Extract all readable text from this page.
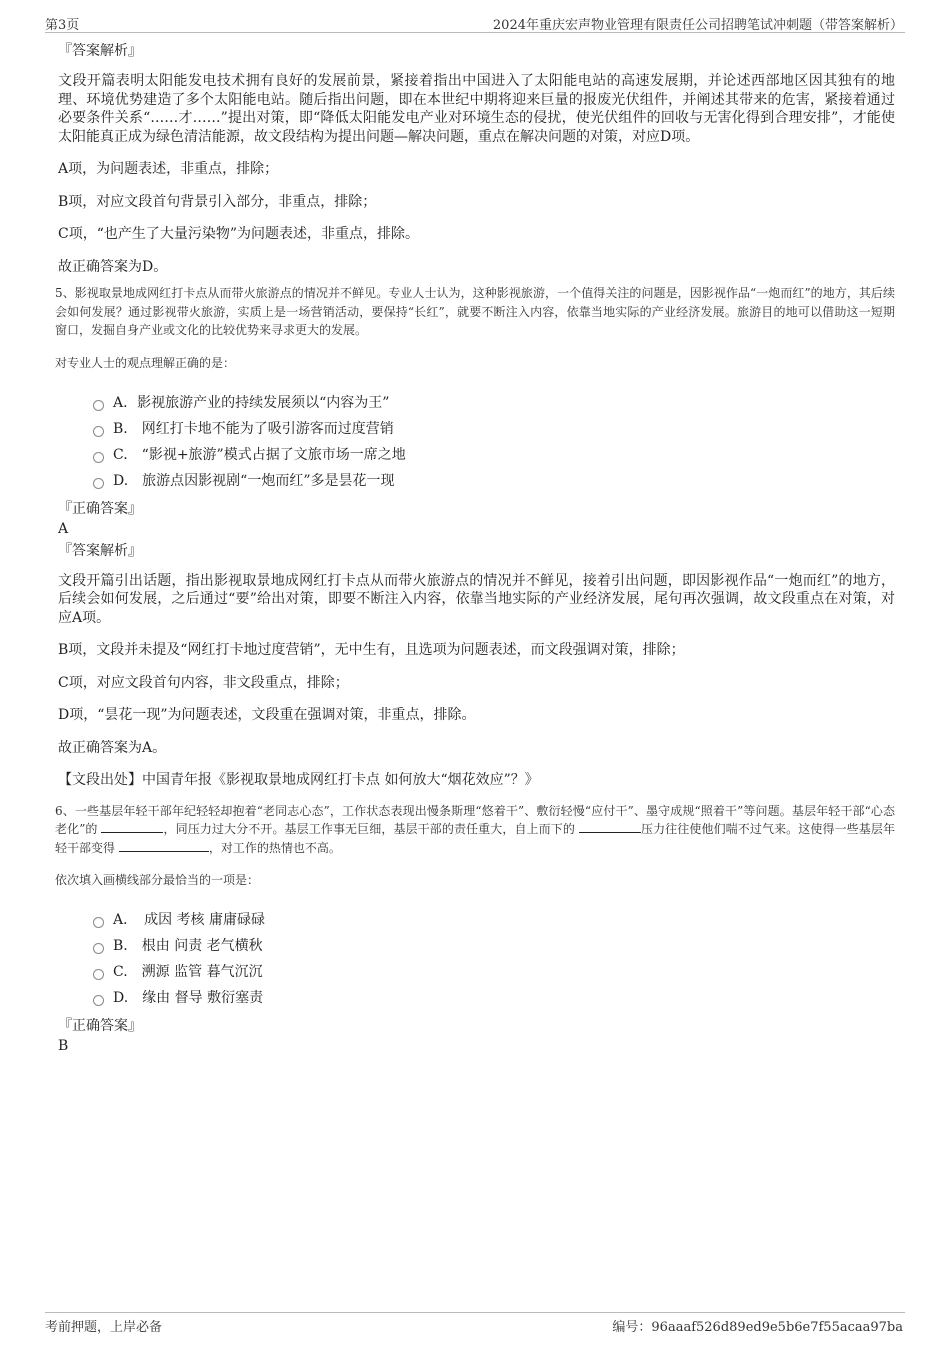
第3页	2024年重庆宏声物业管理有限责任公司招聘笔试冲刺题（带答案解析）
『答案解析』

文段开篇表明太阳能发电技术拥有良好的发展前景，紧接着指出中国进入了太阳能电站的高速发展期，并论述西部地区因其独有的地理、环境优势建造了多个太阳能电站。随后指出问题，即在本世纪中期将迎来巨量的报废光伏组件，并阐述其带来的危害，紧接着通过必要条件关系“……才……”提出对策，即“降低太阳能发电产业对环境生态的侵扰，使光伏组件的回收与无害化得到合理安排”，才能使太阳能真正成为绿色清洁能源，故文段结构为提出问题—解决问题，重点在解决问题的对策，对应D项。

A项，为问题表述，非重点，排除；

B项，对应文段首句背景引入部分，非重点，排除；

C项，“也产生了大量污染物”为问题表述，非重点，排除。

故正确答案为D。

5、影视取景地成网红打卡点从而带火旅游点的情况并不鲜见。专业人士认为，这种影视旅游，一个值得关注的问题是，因影视作品“一炮而红”的地方，其后续会如何发展？通过影视带火旅游，实质上是一场营销活动，要保持“长红”，就要不断注入内容，依靠当地实际的产业经济发展。旅游目的地可以借助这一短期窗口，发掘自身产业或文化的比较优势来寻求更大的发展。

对专业人士的观点理解正确的是：

A．影视旅游产业的持续发展须以“内容为王”
B.　网红打卡地不能为了吸引游客而过度营销
C.　“影视+旅游”模式占据了文旅市场一席之地
D.　旅游点因影视剧“一炮而红”多是昙花一现
『正确答案』
A
『答案解析』

文段开篇引出话题，指出影视取景地成网红打卡点从而带火旅游点的情况并不鲜见，接着引出问题，即因影视作品“一炮而红”的地方，后续会如何发展，之后通过“要”给出对策，即要不断注入内容，依靠当地实际的产业经济发展，尾句再次强调，故文段重点在对策，对应A项。

B项，文段并未提及“网红打卡地过度营销”，无中生有，且选项为问题表述，而文段强调对策，排除；

C项，对应文段首句内容，非文段重点，排除；

D项，“昙花一现”为问题表述，文段重在强调对策，非重点，排除。

故正确答案为A。

【文段出处】中国青年报《影视取景地成网红打卡点 如何放大“烟花效应”？》

6、一些基层年轻干部年纪轻轻却抱着“老同志心态”，工作状态表现出慢条斯理“悠着干”、敷衍轻慢“应付干”、墨守成规“照着干”等问题。基层年轻干部“心态老化”的	，同压力过大分不开。基层工作事无巨细，基层干部的责任重大，自上而下的	压力往往使他们喘不过气来。这使得一些基层年轻干部变得	，对工作的热情也不高。

依次填入画横线部分最恰当的一项是：

A．　成因 考核 庸庸碌碌
B.　根由 问责 老气横秋
C.　溯源 监管 暮气沉沉
D.　缘由 督导 敷衍塞责
『正确答案』
B
考前押题，上岸必备	编号：96aaaf526d89ed9e5b6e7f55acaa97ba
